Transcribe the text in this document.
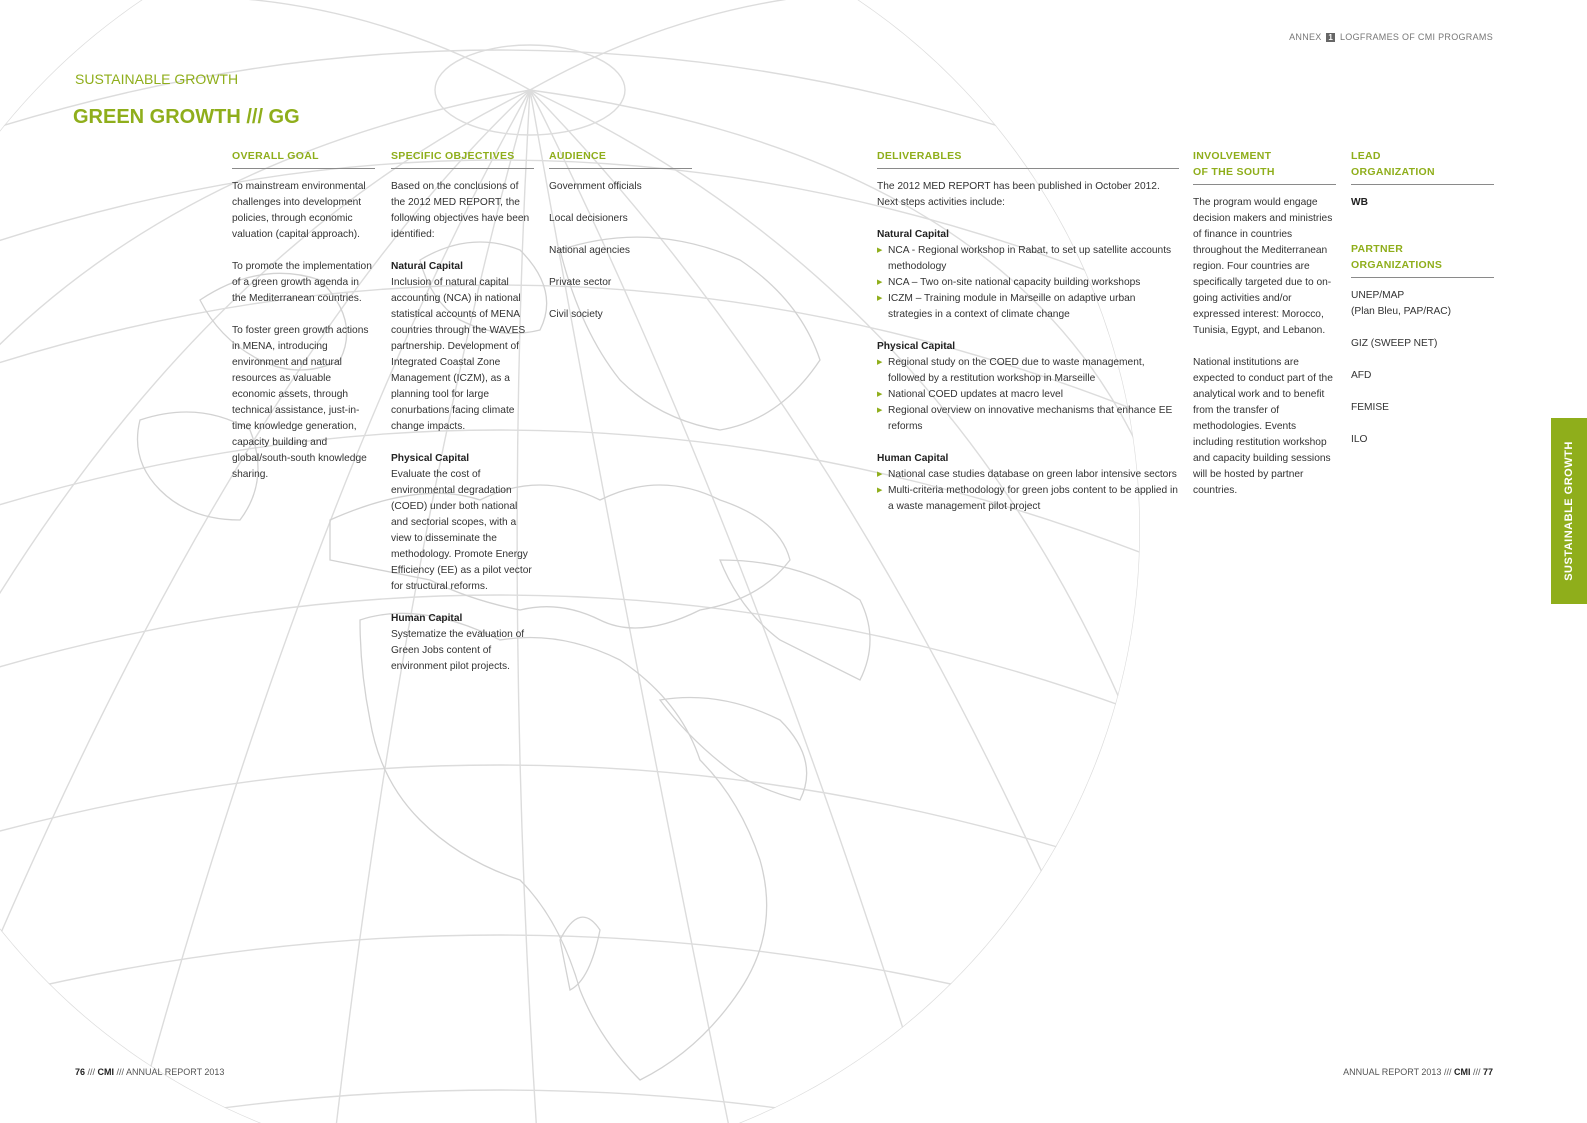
ANNEX 1 LOGFRAMES OF CMI PROGRAMS
SUSTAINABLE GROWTH
GREEN GROWTH /// GG
OVERALL GOAL

To mainstream environmental challenges into development policies, through economic valuation (capital approach).

To promote the implementation of a green growth agenda in the Mediterranean countries.

To foster green growth actions in MENA, introducing environment and natural resources as valuable economic assets, through technical assistance, just-in-time knowledge generation, capacity building and global/south-south knowledge sharing.

SPECIFIC OBJECTIVES

Based on the conclusions of the 2012 MED REPORT, the following objectives have been identified:

Natural Capital

Inclusion of natural capital accounting (NCA) in national statistical accounts of MENA countries through the WAVES partnership. Development of Integrated Coastal Zone Management (ICZM), as a planning tool for large conurbations facing climate change impacts.

Physical Capital

Evaluate the cost of environmental degradation (COED) under both national and sectorial scopes, with a view to disseminate the methodology. Promote Energy Efficiency (EE) as a pilot vector for structural reforms.

Human Capital

Systematize the evaluation of Green Jobs content of environment pilot projects.

AUDIENCE
Government officials
Local decisioners
National agencies
Private sector
Civil society
DELIVERABLES

The 2012 MED REPORT has been published in October 2012. Next steps activities include:

Natural Capital
▶ NCA - Regional workshop in Rabat, to set up satellite accounts methodology
▶ NCA – Two on-site national capacity building workshops
▶ ICZM – Training module in Marseille on adaptive urban strategies in a context of climate change
Physical Capital
▶ Regional study on the COED due to waste management, followed by a restitution workshop in Marseille
▶ National COED updates at macro level
▶ Regional overview on innovative mechanisms that enhance EE reforms
Human Capital
▶ National case studies database on green labor intensive sectors
▶ Multi-criteria methodology for green jobs content to be applied in a waste management pilot project
INVOLVEMENT
OF THE SOUTH

The program would engage decision makers and ministries of finance in countries throughout the Mediterranean region. Four countries are specifically targeted due to on-going activities and/or expressed interest: Morocco, Tunisia, Egypt, and Lebanon.

National institutions are expected to conduct part of the analytical work and to benefit from the transfer of methodologies. Events including restitution workshop and capacity building sessions will be hosted by partner countries.

LEAD
ORGANIZATION
WB
PARTNER
ORGANIZATIONS
UNEP/MAP
(Plan Bleu, PAP/RAC)
GIZ (SWEEP NET)
AFD
FEMISE
ILO
SUSTAINABLE GROWTH
76 /// CMI /// ANNUAL REPORT 2013	ANNUAL REPORT 2013 /// CMI /// 77
